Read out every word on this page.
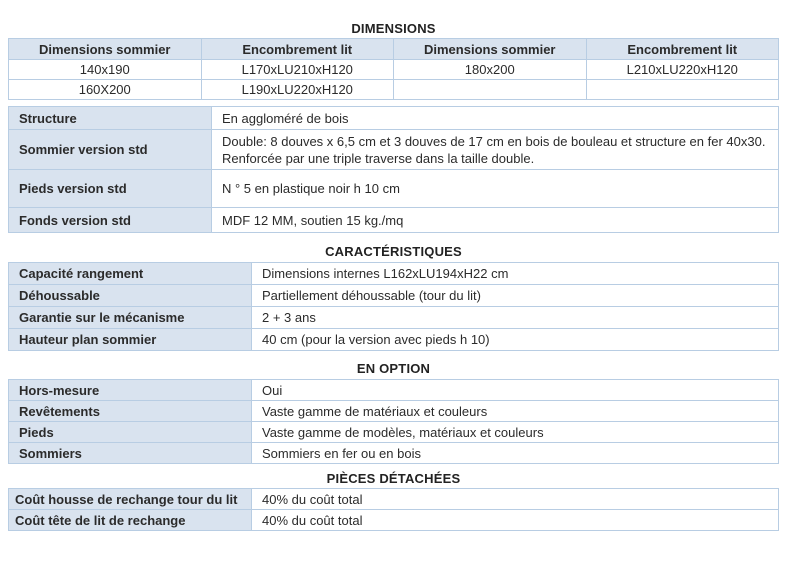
DIMENSIONS
Dimensions sommier	Encombrement lit	Dimensions sommier	Encombrement lit
140x190	L170xLU210xH120	180x200	L210xLU220xH120
160X200	L190xLU220xH120		
Structure	En aggloméré de bois
Sommier version std	Double: 8 douves x 6,5 cm et 3 douves de 17 cm en bois de bouleau et structure en fer 40x30. Renforcée par une triple traverse dans la taille double.
Pieds version std	N ° 5 en plastique noir h 10 cm
Fonds version std	MDF 12 MM, soutien 15 kg./mq
CARACTÉRISTIQUES
Capacité rangement	Dimensions internes L162xLU194xH22 cm
Déhoussable	Partiellement déhoussable (tour du lit)
Garantie sur le mécanisme	2 + 3 ans
Hauteur plan sommier	40 cm (pour la version avec pieds h 10)
EN OPTION
Hors-mesure	Oui
Revêtements	Vaste gamme de matériaux et couleurs
Pieds	Vaste gamme de modèles, matériaux et couleurs
Sommiers	Sommiers en fer ou en bois
PIÈCES DÉTACHÉES
Coût housse de rechange tour du lit	40% du coût total
Coût tête de lit de rechange	40% du coût total
